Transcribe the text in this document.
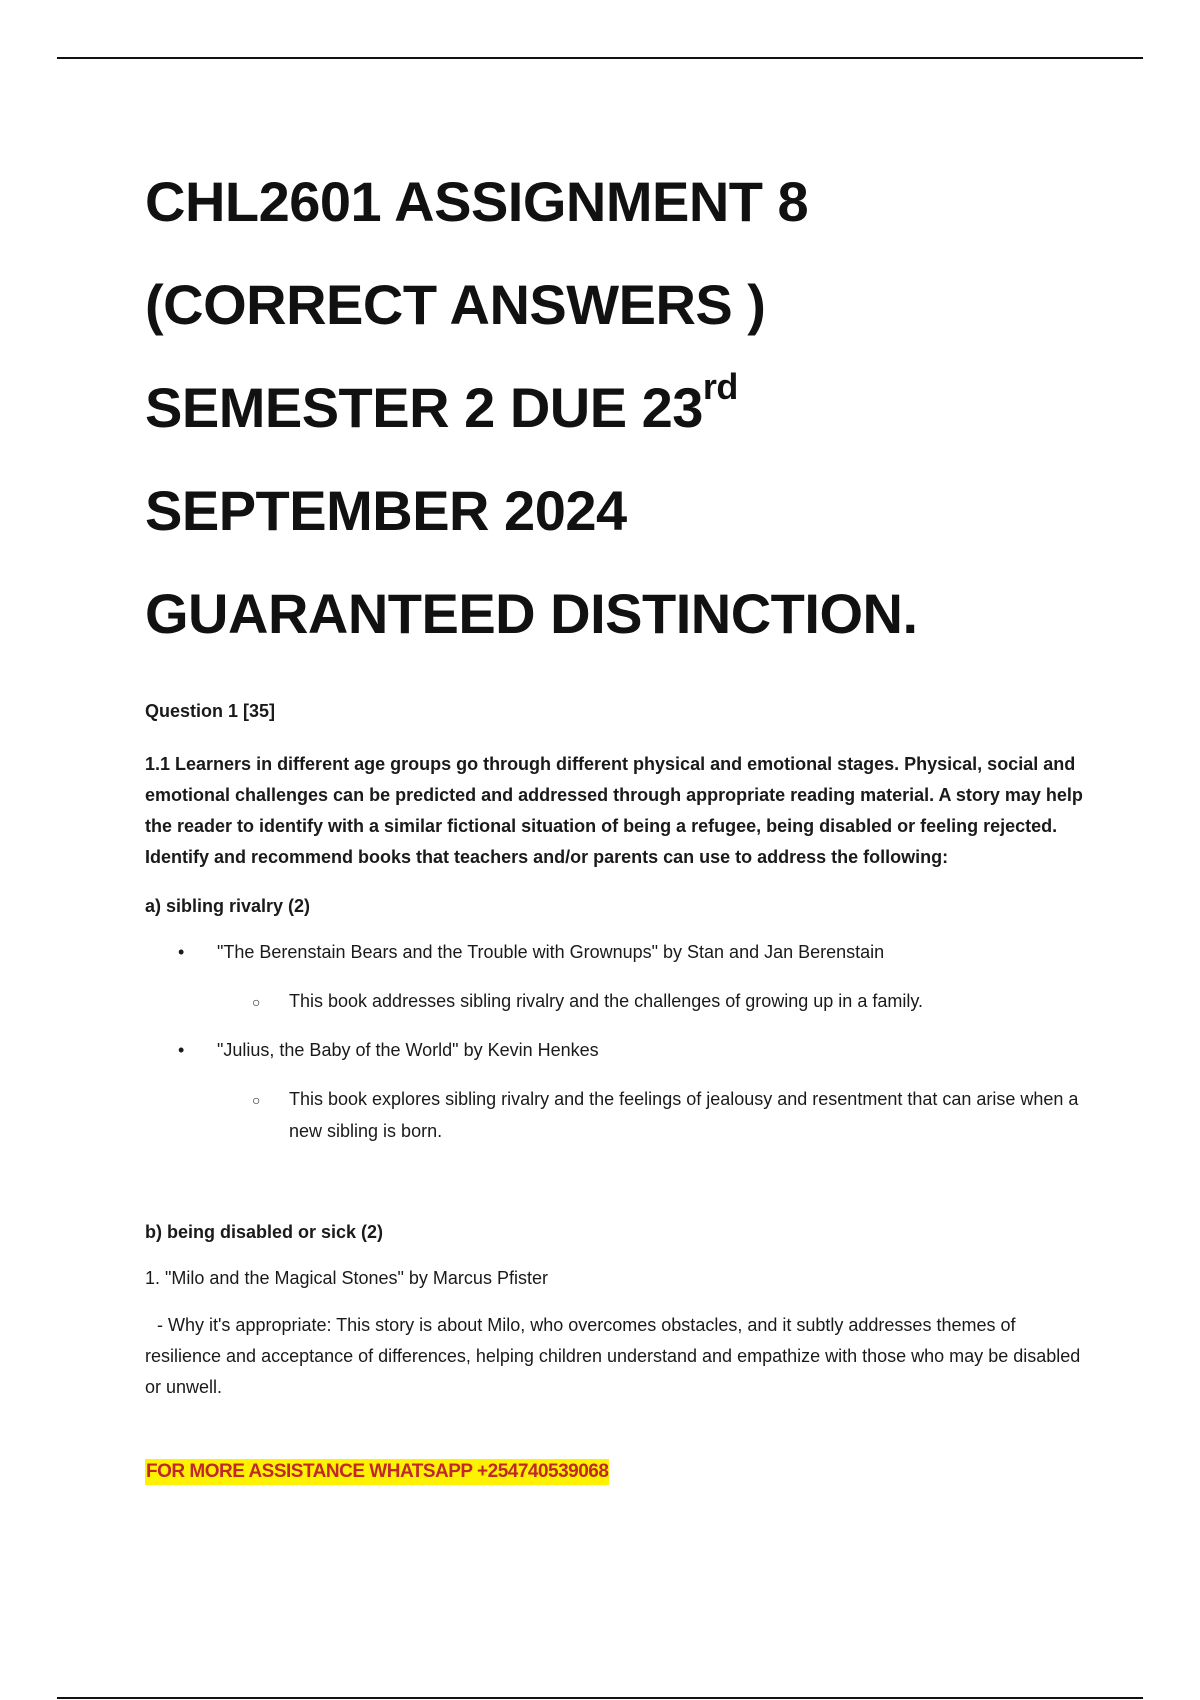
CHL2601 ASSIGNMENT 8
(CORRECT ANSWERS )
SEMESTER 2 DUE 23rd
SEPTEMBER 2024
GUARANTEED DISTINCTION.

Question 1 [35]

1.1 Learners in different age groups go through different physical and emotional stages. Physical, social and emotional challenges can be predicted and addressed through appropriate reading material. A story may help the reader to identify with a similar fictional situation of being a refugee, being disabled or feeling rejected. Identify and recommend books that teachers and/or parents can use to address the following:

a) sibling rivalry (2)

• "The Berenstain Bears and the Trouble with Grownups" by Stan and Jan Berenstain
○ This book addresses sibling rivalry and the challenges of growing up in a family.
• "Julius, the Baby of the World" by Kevin Henkes
○ This book explores sibling rivalry and the feelings of jealousy and resentment that can arise when a new sibling is born.

b) being disabled or sick (2)

1. "Milo and the Magical Stones" by Marcus Pfister

- Why it's appropriate: This story is about Milo, who overcomes obstacles, and it subtly addresses themes of resilience and acceptance of differences, helping children understand and empathize with those who may be disabled or unwell.

FOR MORE ASSISTANCE WHATSAPP +254740539068
